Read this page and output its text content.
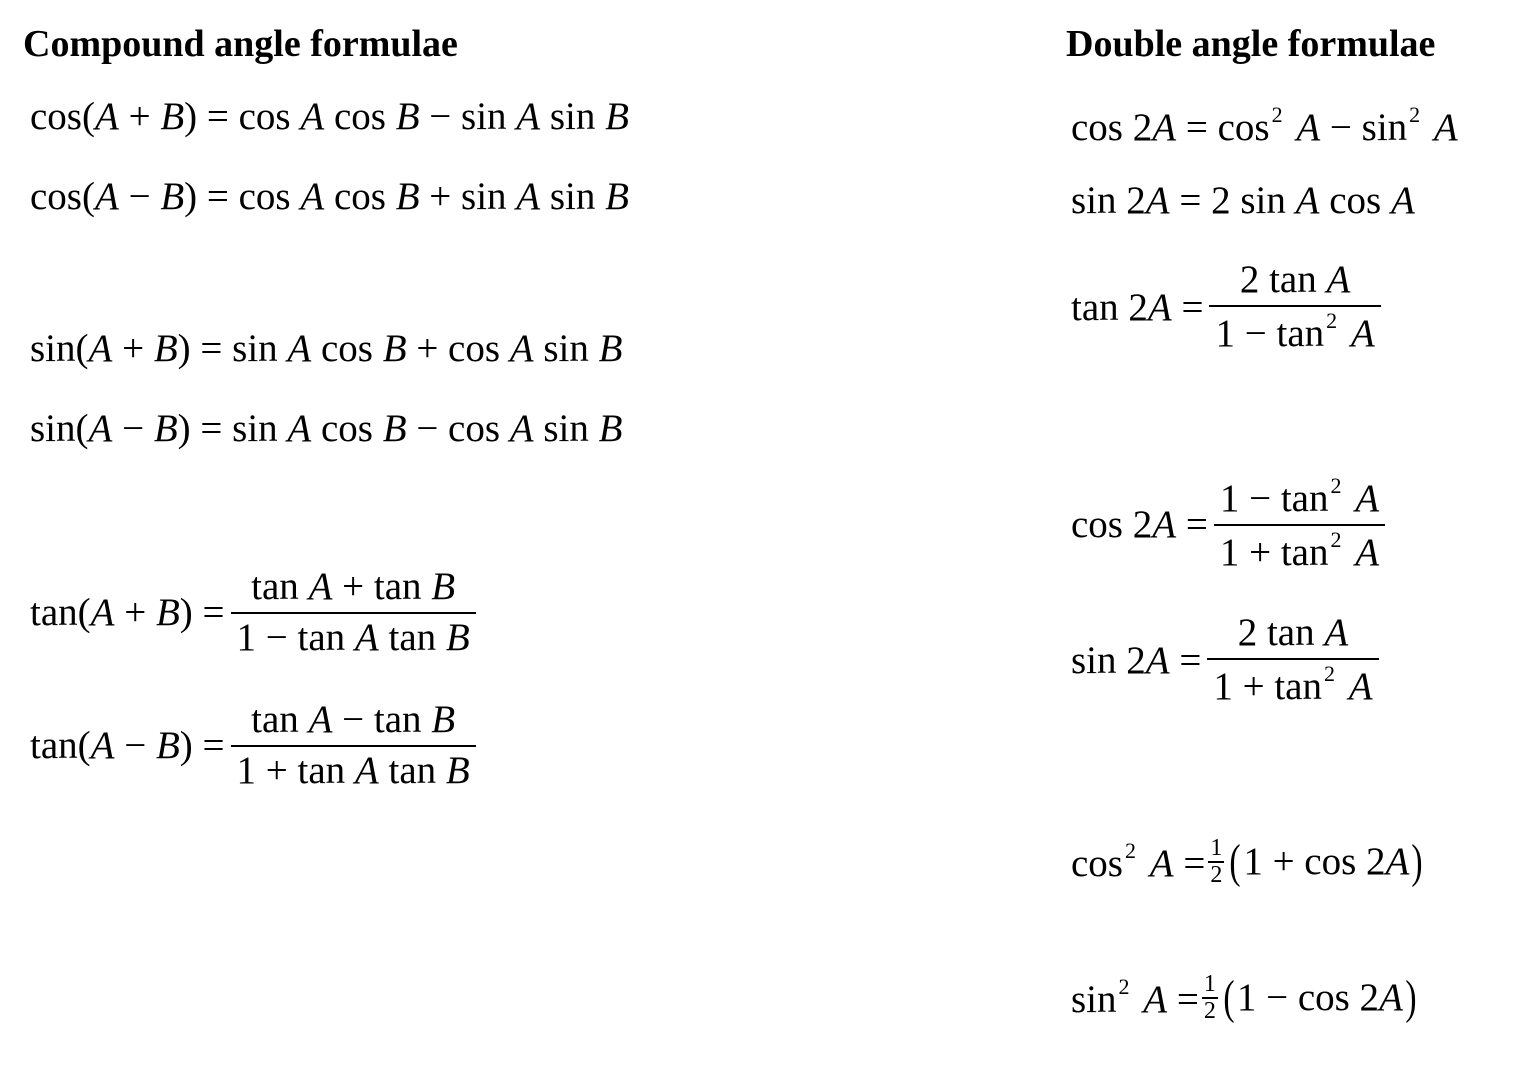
Compound angle formulae	Double angle formulae
cos(A + B) = cos A cos B − sin A sin B
cos(A − B) = cos A cos B + sin A sin B
sin(A + B) = sin A cos B + cos A sin B
sin(A − B) = sin A cos B − cos A sin B
$\tan(A + B) = \frac{\text{tan A + tan B}}{\text{1 − tan A tan B}}$
$\tan(A - B) = \frac{\text{tan A − tan B}}{\text{1 + tan A tan B}}$
$\cos 2A = \cos^2 A - \sin^2 A$
sin 2A = 2 sin A cos A
$\tan 2A = \frac{\text{2 tan A}}{1 - \tan^2 A}$
$\cos 2A = \frac{1 - \tan^2 A}{1 + \tan^2 A}$
$\sin 2A = \frac{\text{2 tan A}}{1 + \tan^2 A}$
$\cos^2 A = \frac{1}{2}$ ( 1 + cos 2A )
$\sin^2 A = \frac{1}{2}$ ( 1 − cos 2A )
